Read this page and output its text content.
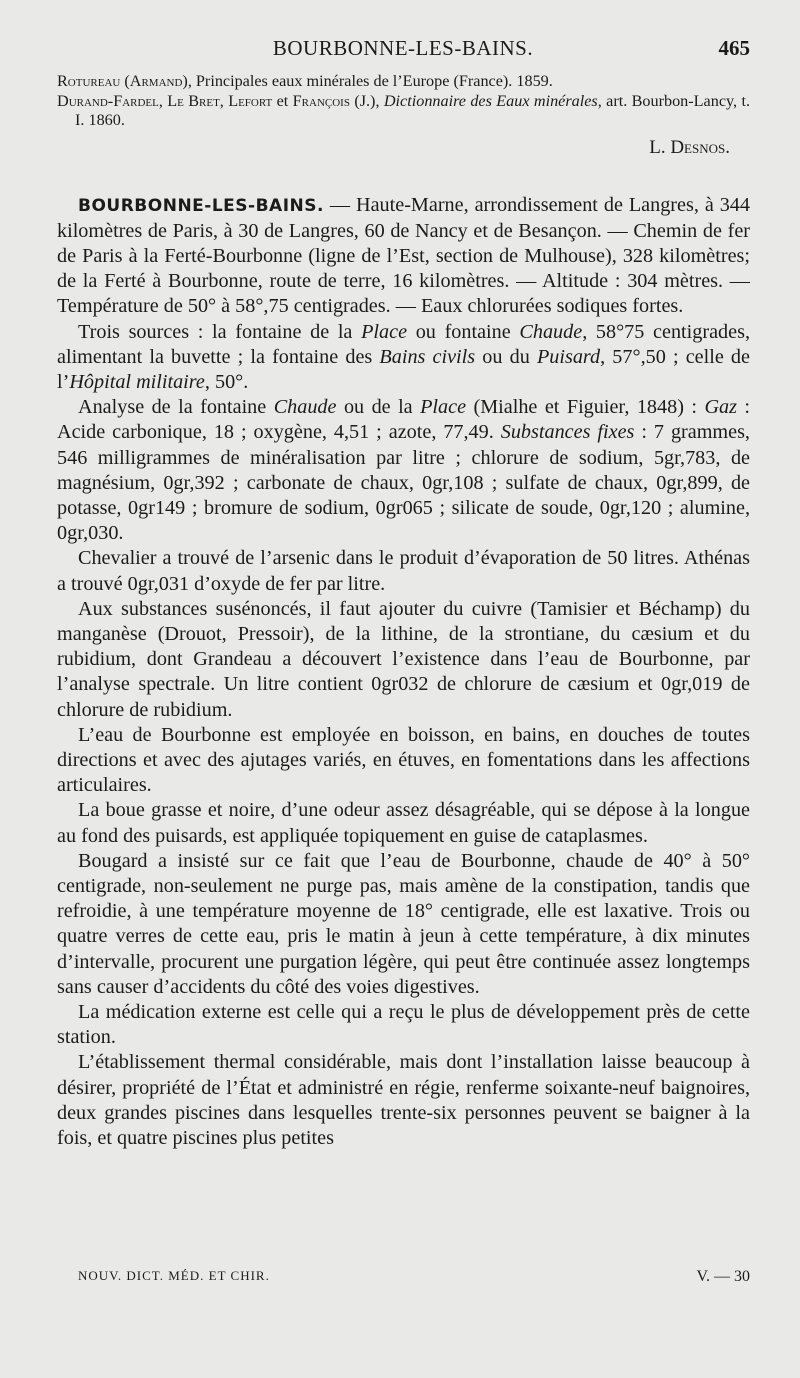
BOURBONNE-LES-BAINS.	465

Rotureau (Armand), Principales eaux minérales de l’Europe (France). 1859.

Durand-Fardel, Le Bret, Lefort et François (J.), Dictionnaire des Eaux minérales, art. Bourbon-Lancy, t. I. 1860.

L. Desnos.

BOURBONNE-LES-BAINS. — Haute-Marne, arrondissement de Langres, à 344 kilomètres de Paris, à 30 de Langres, 60 de Nancy et de Besançon. — Chemin de fer de Paris à la Ferté-Bourbonne (ligne de l’Est, section de Mulhouse), 328 kilomètres; de la Ferté à Bourbonne, route de terre, 16 kilomètres. — Altitude : 304 mètres. — Température de 50° à 58°,75 centigrades. — Eaux chlorurées sodiques fortes.

Trois sources : la fontaine de la Place ou fontaine Chaude, 58°75 centigrades, alimentant la buvette ; la fontaine des Bains civils ou du Puisard, 57°,50 ; celle de l’Hôpital militaire, 50°.

Analyse de la fontaine Chaude ou de la Place (Mialhe et Figuier, 1848) : Gaz : Acide carbonique, 18 ; oxygène, 4,51 ; azote, 77,49. Substances fixes : 7 grammes, 546 milligrammes de minéralisation par litre ; chlorure de sodium, 5gr,783, de magnésium, 0gr,392 ; carbonate de chaux, 0gr,108 ; sulfate de chaux, 0gr,899, de potasse, 0gr149 ; bromure de sodium, 0gr065 ; silicate de soude, 0gr,120 ; alumine, 0gr,030.

Chevalier a trouvé de l’arsenic dans le produit d’évaporation de 50 litres. Athénas a trouvé 0gr,031 d’oxyde de fer par litre.

Aux substances susénoncés, il faut ajouter du cuivre (Tamisier et Béchamp) du manganèse (Drouot, Pressoir), de la lithine, de la strontiane, du cæsium et du rubidium, dont Grandeau a découvert l’existence dans l’eau de Bourbonne, par l’analyse spectrale. Un litre contient 0gr032 de chlorure de cæsium et 0gr,019 de chlorure de rubidium.

L’eau de Bourbonne est employée en boisson, en bains, en douches de toutes directions et avec des ajutages variés, en étuves, en fomentations dans les affections articulaires.

La boue grasse et noire, d’une odeur assez désagréable, qui se dépose à la longue au fond des puisards, est appliquée topiquement en guise de cataplasmes.

Bougard a insisté sur ce fait que l’eau de Bourbonne, chaude de 40° à 50° centigrade, non-seulement ne purge pas, mais amène de la constipation, tandis que refroidie, à une température moyenne de 18° centigrade, elle est laxative. Trois ou quatre verres de cette eau, pris le matin à jeun à cette température, à dix minutes d’intervalle, procurent une purgation légère, qui peut être continuée assez longtemps sans causer d’accidents du côté des voies digestives.

La médication externe est celle qui a reçu le plus de développement près de cette station.

L’établissement thermal considérable, mais dont l’installation laisse beaucoup à désirer, propriété de l’État et administré en régie, renferme soixante-neuf baignoires, deux grandes piscines dans lesquelles trente-six personnes peuvent se baigner à la fois, et quatre piscines plus petites

NOUV. DICT. MÉD. ET CHIR.	V. — 30
